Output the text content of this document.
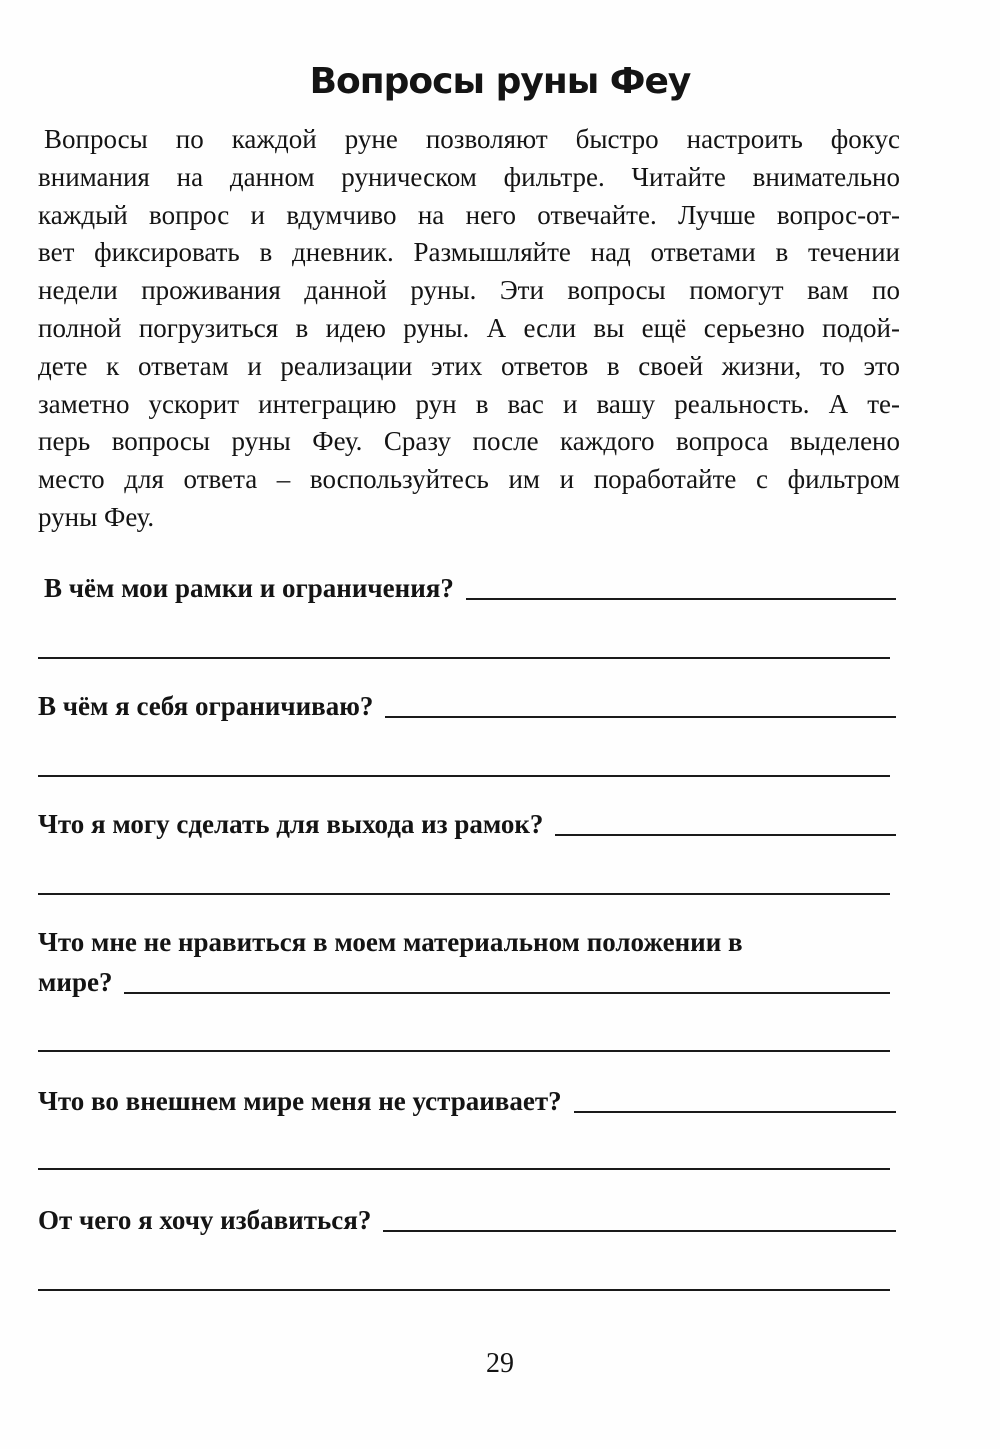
Вопросы руны Феу
Вопросы по каждой руне позволяют быстро настроить фокус
внимания на данном руническом фильтре. Читайте внимательно
каждый вопрос и вдумчиво на него отвечайте. Лучше вопрос-от-
вет фиксировать в дневник. Размышляйте над ответами в течении
недели проживания данной руны. Эти вопросы помогут вам по
полной погрузиться в идею руны. А если вы ещё серьезно подой-
дете к ответам и реализации этих ответов в своей жизни, то это
заметно ускорит интеграцию рун в вас и вашу реальность. А те-
перь вопросы руны Феу. Сразу после каждого вопроса выделено
место для ответа – воспользуйтесь им и поработайте с фильтром
руны Феу.
В чём мои рамки и ограничения?
В чём я себя ограничиваю?
Что я могу сделать для выхода из рамок?
Что мне не нравиться в моем материальном положении в
мире?
Что во внешнем мире меня не устраивает?
От чего я хочу избавиться?
29
